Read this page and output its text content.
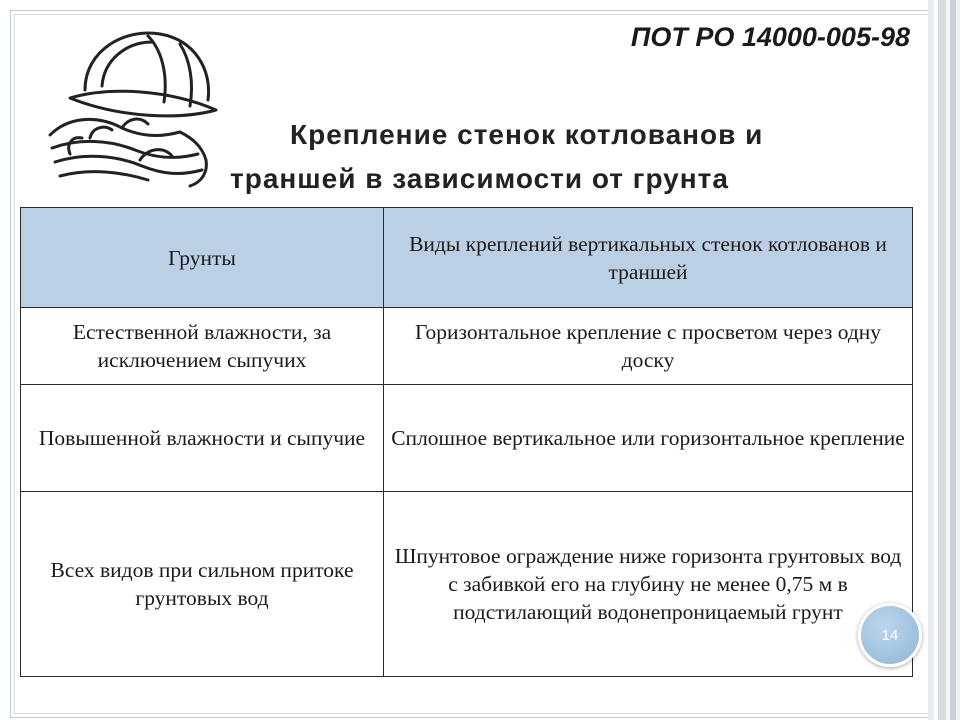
ПОТ РО 14000-005-98

Крепление стенок котлованов и
траншей в зависимости от грунта
Грунты	Виды креплений вертикальных стенок котлованов и траншей
Естественной влажности, за исключением сыпучих	Горизонтальное крепление с просветом через одну доску
Повышенной влажности и сыпучие	Сплошное вертикальное или горизонтальное крепление
Всех видов при сильном притоке грунтовых вод	Шпунтовое ограждение ниже горизонта грунтовых вод с забивкой его на глубину не менее 0,75 м в подстилающий водонепроницаемый грунт
14
